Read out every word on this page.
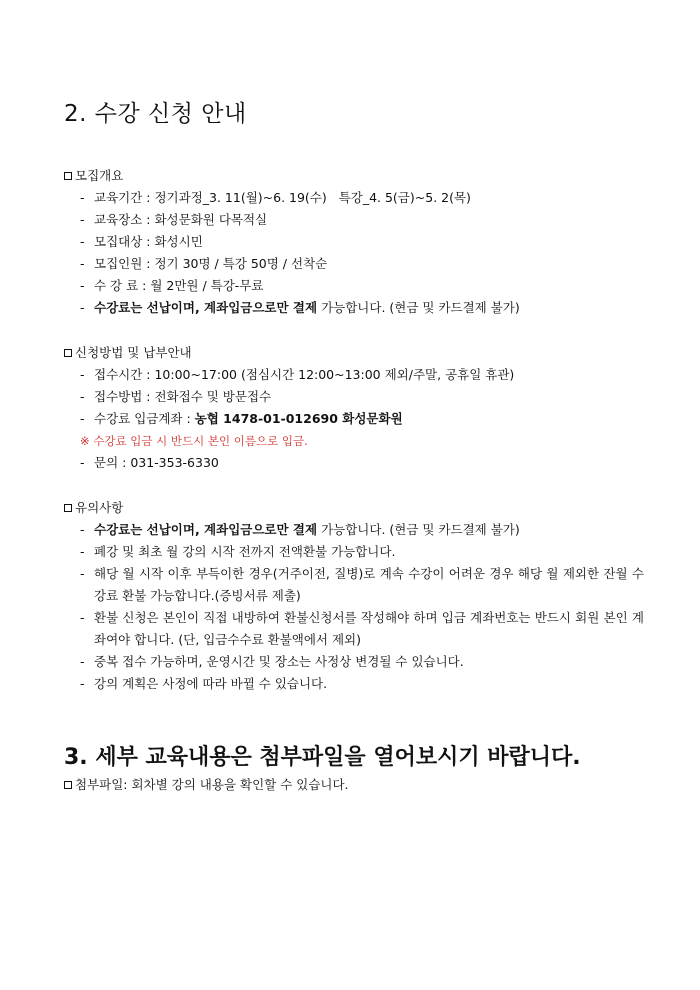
2. 수강 신청 안내
모집개요
- 교육기간 : 정기과정_3. 11(월)~6. 19(수)   특강_4. 5(금)~5. 2(목)
- 교육장소 : 화성문화원 다목적실
- 모집대상 : 화성시민
- 모집인원 : 정기 30명 / 특강 50명 / 선착순
- 수 강 료 : 월 2만원 / 특강-무료
- 수강료는 선납이며, 계좌입금으로만 결제 가능합니다. (현금 및 카드결제 불가)
신청방법 및 납부안내
- 접수시간 : 10:00~17:00 (점심시간 12:00~13:00 제외/주말, 공휴일 휴관)
- 접수방법 : 전화접수 및 방문접수
- 수강료 입금계좌 : 농협 1478-01-012690 화성문화원
※ 수강료 입금 시 반드시 본인 이름으로 입금.
- 문의 : 031-353-6330
유의사항
- 수강료는 선납이며, 계좌입금으로만 결제 가능합니다. (현금 및 카드결제 불가)
- 폐강 및 최초 월 강의 시작 전까지 전액환불 가능합니다.
- 해당 월 시작 이후 부득이한 경우(거주이전, 질병)로 계속 수강이 어려운 경우 해당 월 제외한 잔월 수강료 환불 가능합니다.(증빙서류 제출)
- 환불 신청은 본인이 직접 내방하여 환불신청서를 작성해야 하며 입금 계좌번호는 반드시 회원 본인 계좌여야 합니다. (단, 입금수수료 환불액에서 제외)
- 중복 접수 가능하며, 운영시간 및 장소는 사정상 변경될 수 있습니다.
- 강의 계획은 사정에 따라 바뀔 수 있습니다.
3. 세부 교육내용은 첨부파일을 열어보시기 바랍니다.
첨부파일: 회차별 강의 내용을 확인할 수 있습니다.
